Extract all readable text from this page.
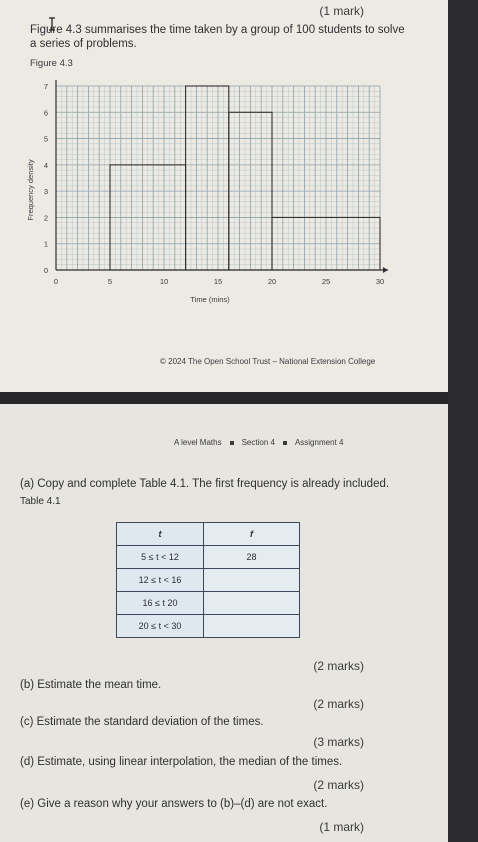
(1 mark)
Figure 4.3 summarises the time taken by a group of 100 students to solve
a series of problems.
Figure 4.3
0	5	10	15	20	25	30
0
1
2
3
4
5
6
7
Time (mins)
Frequency density
© 2024 The Open School Trust – National Extension College
A level Maths	Section 4	Assignment 4
(a) Copy and complete Table 4.1. The first frequency is already included.
Table 4.1
t	f
5 ≤ t < 12	28
12 ≤ t < 16	
16 ≤ t 20	
20 ≤ t < 30	
(2 marks)
(b) Estimate the mean time.
(2 marks)
(c) Estimate the standard deviation of the times.
(3 marks)
(d) Estimate, using linear interpolation, the median of the times.
(2 marks)
(e) Give a reason why your answers to (b)–(d) are not exact.
(1 mark)
